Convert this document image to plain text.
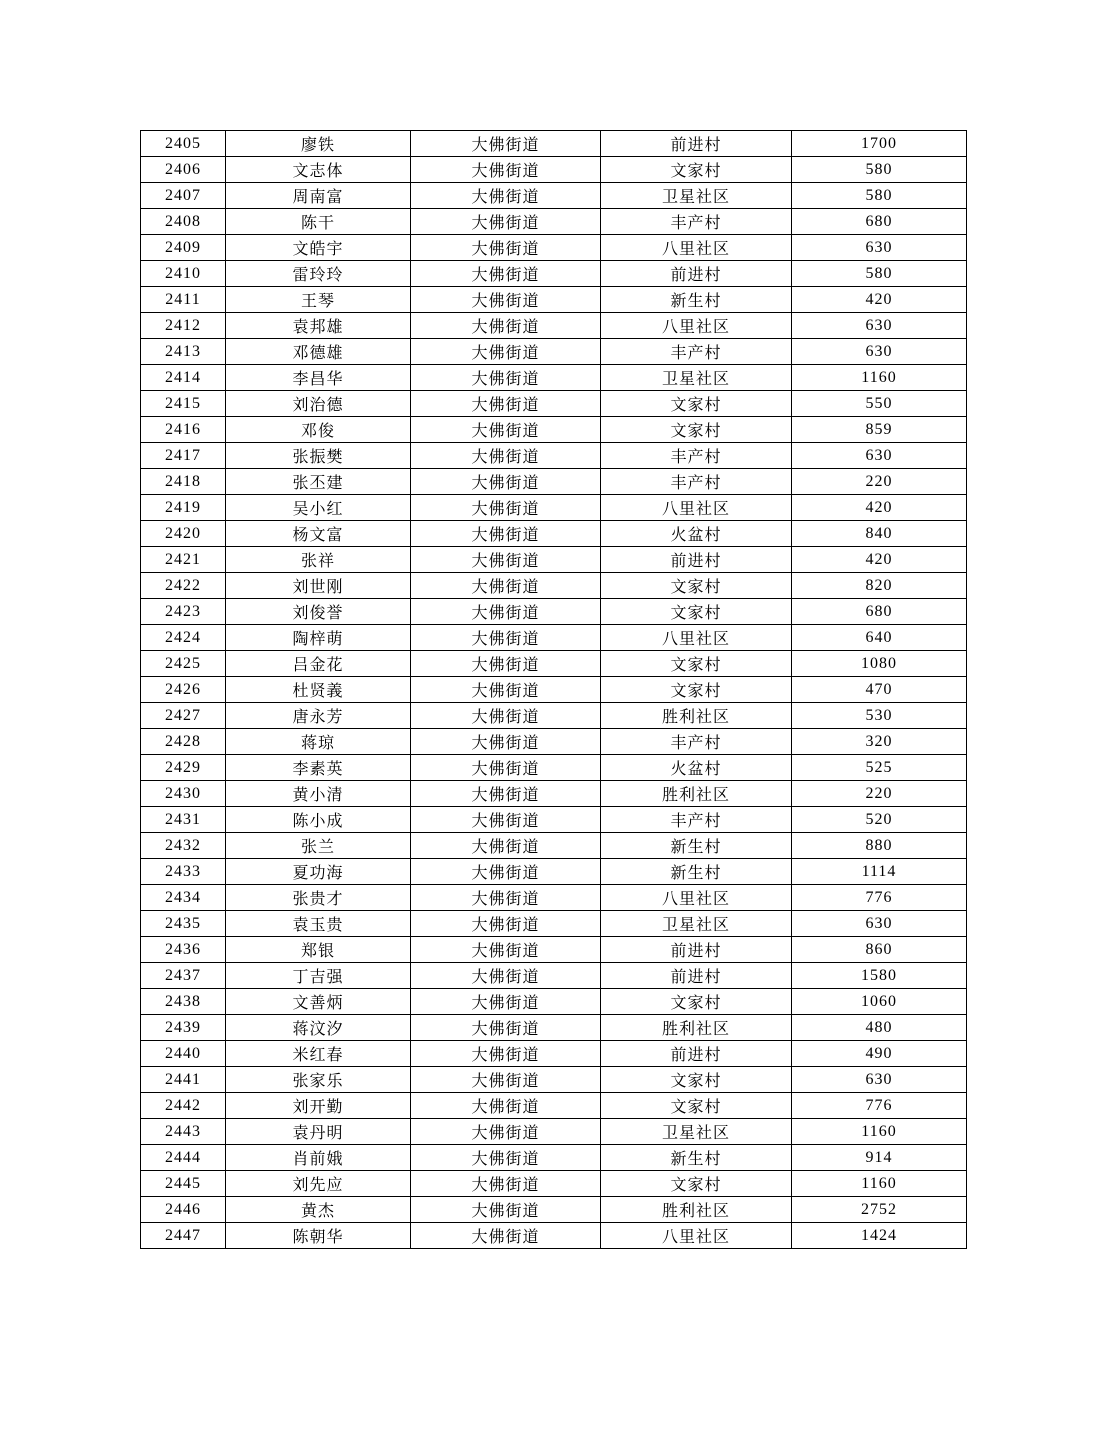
2405	廖铁	大佛街道	前进村	1700
2406	文志体	大佛街道	文家村	580
2407	周南富	大佛街道	卫星社区	580
2408	陈干	大佛街道	丰产村	680
2409	文皓宇	大佛街道	八里社区	630
2410	雷玲玲	大佛街道	前进村	580
2411	王琴	大佛街道	新生村	420
2412	袁邦雄	大佛街道	八里社区	630
2413	邓德雄	大佛街道	丰产村	630
2414	李昌华	大佛街道	卫星社区	1160
2415	刘治德	大佛街道	文家村	550
2416	邓俊	大佛街道	文家村	859
2417	张振樊	大佛街道	丰产村	630
2418	张丕建	大佛街道	丰产村	220
2419	吴小红	大佛街道	八里社区	420
2420	杨文富	大佛街道	火盆村	840
2421	张祥	大佛街道	前进村	420
2422	刘世刚	大佛街道	文家村	820
2423	刘俊誉	大佛街道	文家村	680
2424	陶梓萌	大佛街道	八里社区	640
2425	吕金花	大佛街道	文家村	1080
2426	杜贤義	大佛街道	文家村	470
2427	唐永芳	大佛街道	胜利社区	530
2428	蒋琼	大佛街道	丰产村	320
2429	李素英	大佛街道	火盆村	525
2430	黄小清	大佛街道	胜利社区	220
2431	陈小成	大佛街道	丰产村	520
2432	张兰	大佛街道	新生村	880
2433	夏功海	大佛街道	新生村	1114
2434	张贵才	大佛街道	八里社区	776
2435	袁玉贵	大佛街道	卫星社区	630
2436	郑银	大佛街道	前进村	860
2437	丁吉强	大佛街道	前进村	1580
2438	文善炳	大佛街道	文家村	1060
2439	蒋汶汐	大佛街道	胜利社区	480
2440	米红春	大佛街道	前进村	490
2441	张家乐	大佛街道	文家村	630
2442	刘开勤	大佛街道	文家村	776
2443	袁丹明	大佛街道	卫星社区	1160
2444	肖前娥	大佛街道	新生村	914
2445	刘先应	大佛街道	文家村	1160
2446	黄杰	大佛街道	胜利社区	2752
2447	陈朝华	大佛街道	八里社区	1424
